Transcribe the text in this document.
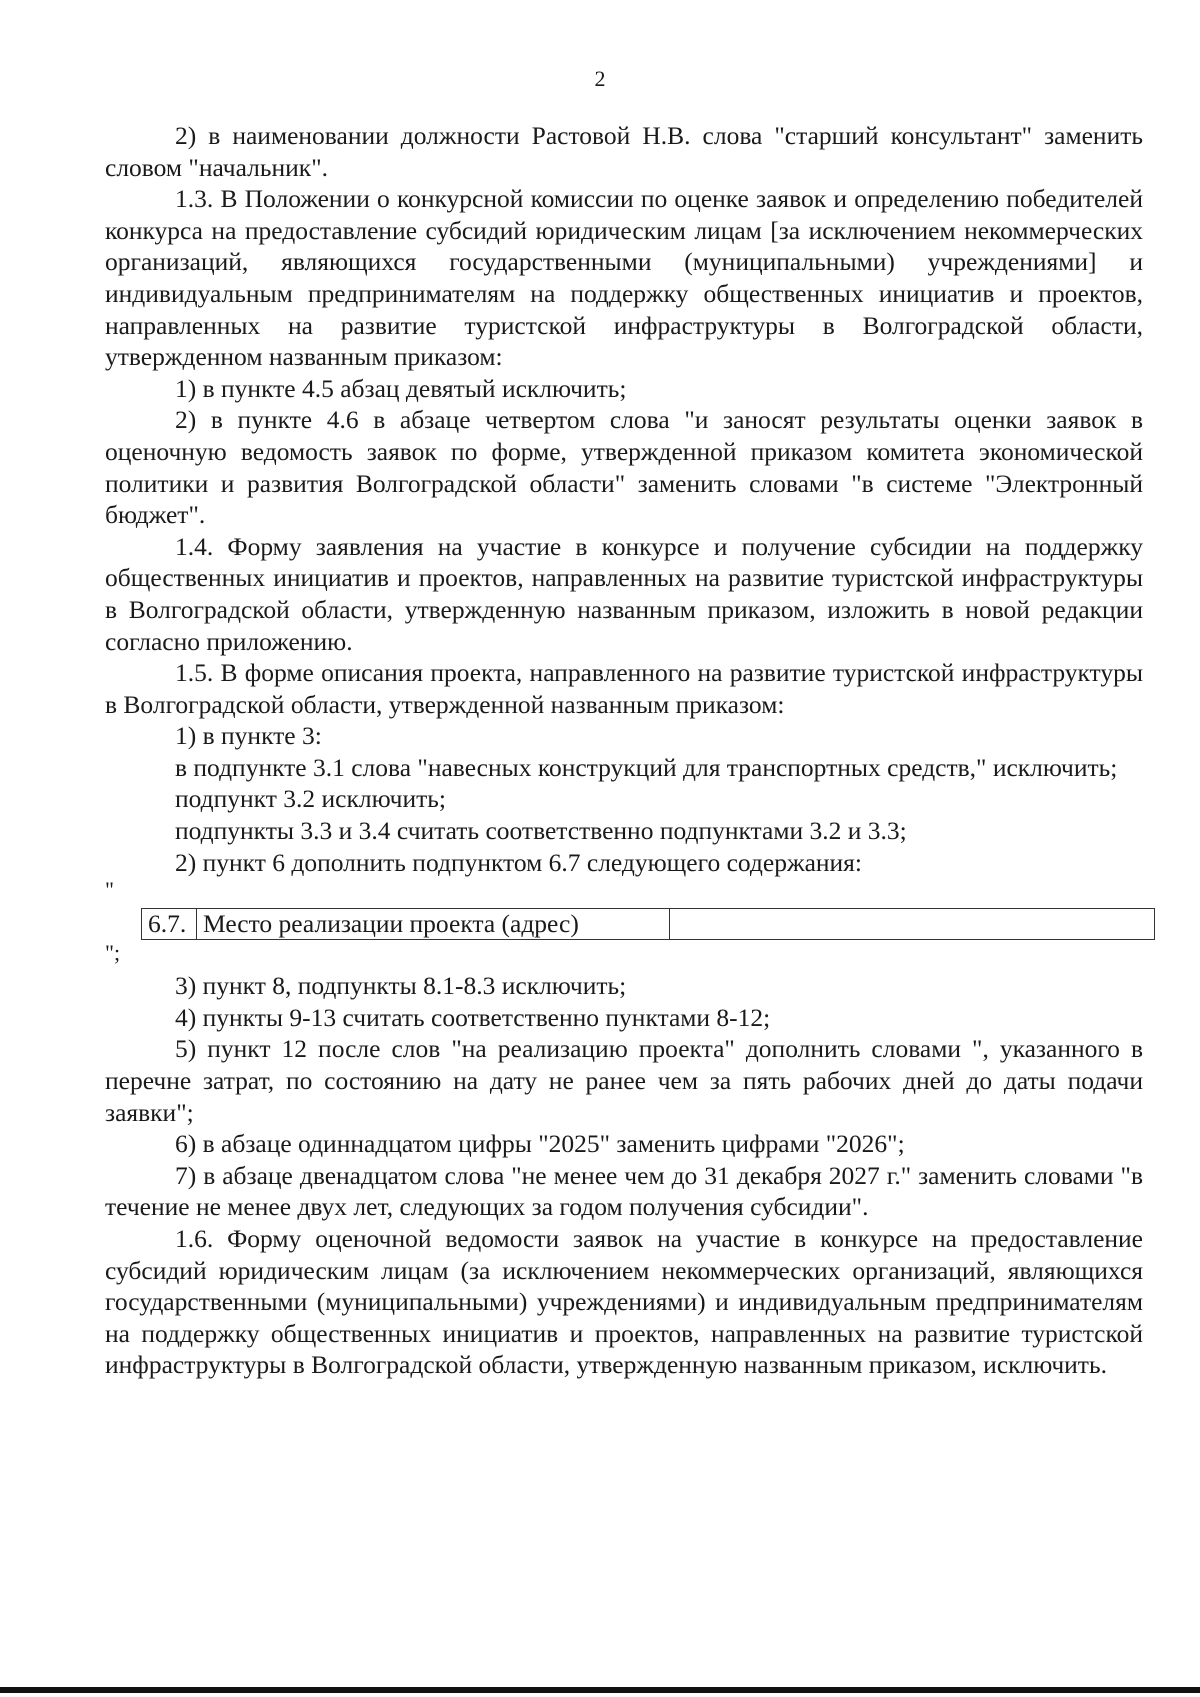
2

2) в наименовании должности Растовой Н.В. слова "старший консультант" заменить словом "начальник".

1.3. В Положении о конкурсной комиссии по оценке заявок и определению победителей конкурса на предоставление субсидий юридическим лицам [за исключением некоммерческих организаций, являющихся государственными (муниципальными) учреждениями] и индивидуальным предпринимателям на поддержку общественных инициатив и проектов, направленных на развитие туристской инфраструктуры в Волгоградской области, утвержденном названным приказом:

1) в пункте 4.5 абзац девятый исключить;

2) в пункте 4.6 в абзаце четвертом слова "и заносят результаты оценки заявок в оценочную ведомость заявок по форме, утвержденной приказом комитета экономической политики и развития Волгоградской области" заменить словами "в системе "Электронный бюджет".

1.4. Форму заявления на участие в конкурсе и получение субсидии на поддержку общественных инициатив и проектов, направленных на развитие туристской инфраструктуры в Волгоградской области, утвержденную названным приказом, изложить в новой редакции согласно приложению.

1.5. В форме описания проекта, направленного на развитие туристской инфраструктуры в Волгоградской области, утвержденной названным приказом:

1) в пункте 3:

в подпункте 3.1 слова "навесных конструкций для транспортных средств," исключить;

подпункт 3.2 исключить;

подпункты 3.3 и 3.4 считать соответственно подпунктами 3.2 и 3.3;

2) пункт 6 дополнить подпунктом 6.7 следующего содержания:

"

6.7.	Место реализации проекта (адрес)	

";

3) пункт 8, подпункты 8.1-8.3 исключить;

4) пункты 9-13 считать соответственно пунктами 8-12;

5) пункт 12 после слов "на реализацию проекта" дополнить словами ", указанного в перечне затрат, по состоянию на дату не ранее чем за пять рабочих дней до даты подачи заявки";

6) в абзаце одиннадцатом цифры "2025" заменить цифрами "2026";

7) в абзаце двенадцатом слова "не менее чем до 31 декабря 2027 г." заменить словами "в течение не менее двух лет, следующих за годом получения субсидии".

1.6. Форму оценочной ведомости заявок на участие в конкурсе на предоставление субсидий юридическим лицам (за исключением некоммерческих организаций, являющихся государственными (муниципальными) учреждениями) и индивидуальным предпринимателям на поддержку общественных инициатив и проектов, направленных на развитие туристской инфраструктуры в Волгоградской области, утвержденную названным приказом, исключить.
